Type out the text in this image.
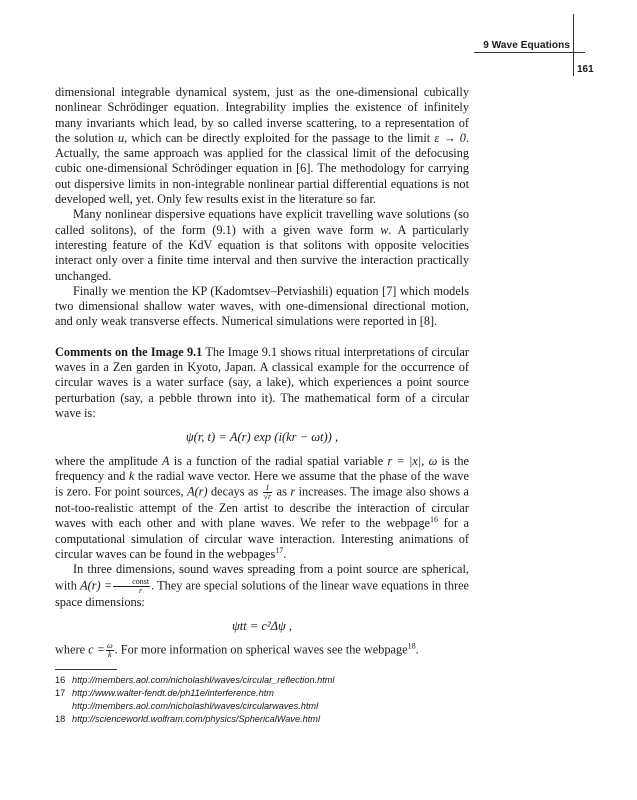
9 Wave Equations
161

dimensional integrable dynamical system, just as the one-dimensional cubically nonlinear Schrödinger equation. Integrability implies the existence of infinitely many invariants which lead, by so called inverse scattering, to a representation of the solution u, which can be directly exploited for the passage to the limit ε → 0. Actually, the same approach was applied for the classical limit of the defocusing cubic one-dimensional Schrödinger equation in [6]. The methodology for carrying out dispersive limits in non-integrable nonlinear partial differential equations is not developed well, yet. Only few results exist in the literature so far.

Many nonlinear dispersive equations have explicit travelling wave solutions (so called solitons), of the form (9.1) with a given wave form w. A particularly interesting feature of the KdV equation is that solitons with opposite velocities interact only over a finite time interval and then survive the interaction practically unchanged.

Finally we mention the KP (Kadomtsev–Petviashili) equation [7] which models two dimensional shallow water waves, with one-dimensional directional motion, and only weak transverse effects. Numerical simulations were reported in [8].

Comments on the Image 9.1 The Image 9.1 shows ritual interpretations of circular waves in a Zen garden in Kyoto, Japan. A classical example for the occurrence of circular waves is a water surface (say, a lake), which experiences a point source perturbation (say, a pebble thrown into it). The mathematical form of a circular wave is:

ψ(r, t) = A(r) exp (i(kr − ωt)) ,

where the amplitude A is a function of the radial spatial variable r = |x|, ω is the frequency and k the radial wave vector. Here we assume that the phase of the wave is zero. For point sources, A(r) decays as $\frac{1}{√r}$ as r increases. The image also shows a not-too-realistic attempt of the Zen artist to describe the interaction of circular waves with each other and with plane waves. We refer to the webpage$^{16}$ for a computational simulation of circular wave interaction. Interesting animations of circular waves can be found in the webpages$^{17}$.

In three dimensions, sound waves spreading from a point source are spherical, with $A(r) = \frac{\text{const}}{r}$ . They are special solutions of the linear wave equations in three space dimensions:

ψtt = c²Δψ ,

where $c = \frac{\omega}{k}$ . For more information on spherical waves see the webpage$^{18}$.

16 http://members.aol.com/nicholashl/waves/circular_reflection.html
17 http://www.walter-fendt.de/ph11e/interference.htm
http://members.aol.com/nicholashl/waves/circularwaves.html
18 http://scienceworld.wolfram.com/physics/SphericalWave.html
